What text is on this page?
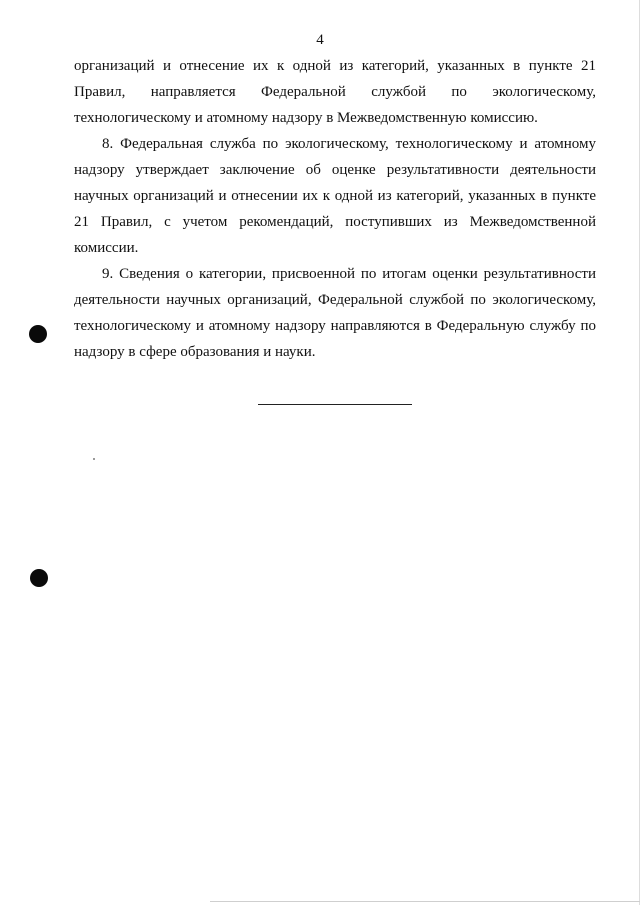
4

организаций и отнесение их к одной из категорий, указанных в пункте 21 Правил, направляется Федеральной службой по экологическому, технологическому и атомному надзору в Межведомственную комиссию.

8. Федеральная служба по экологическому, технологическому и атомному надзору утверждает заключение об оценке результативности деятельности научных организаций и отнесении их к одной из категорий, указанных в пункте 21 Правил, с учетом рекомендаций, поступивших из Межведомственной комиссии.

9. Сведения о категории, присвоенной по итогам оценки результативности деятельности научных организаций, Федеральной службой по экологическому, технологическому и атомному надзору направляются в Федеральную службу по надзору в сфере образования и науки.
